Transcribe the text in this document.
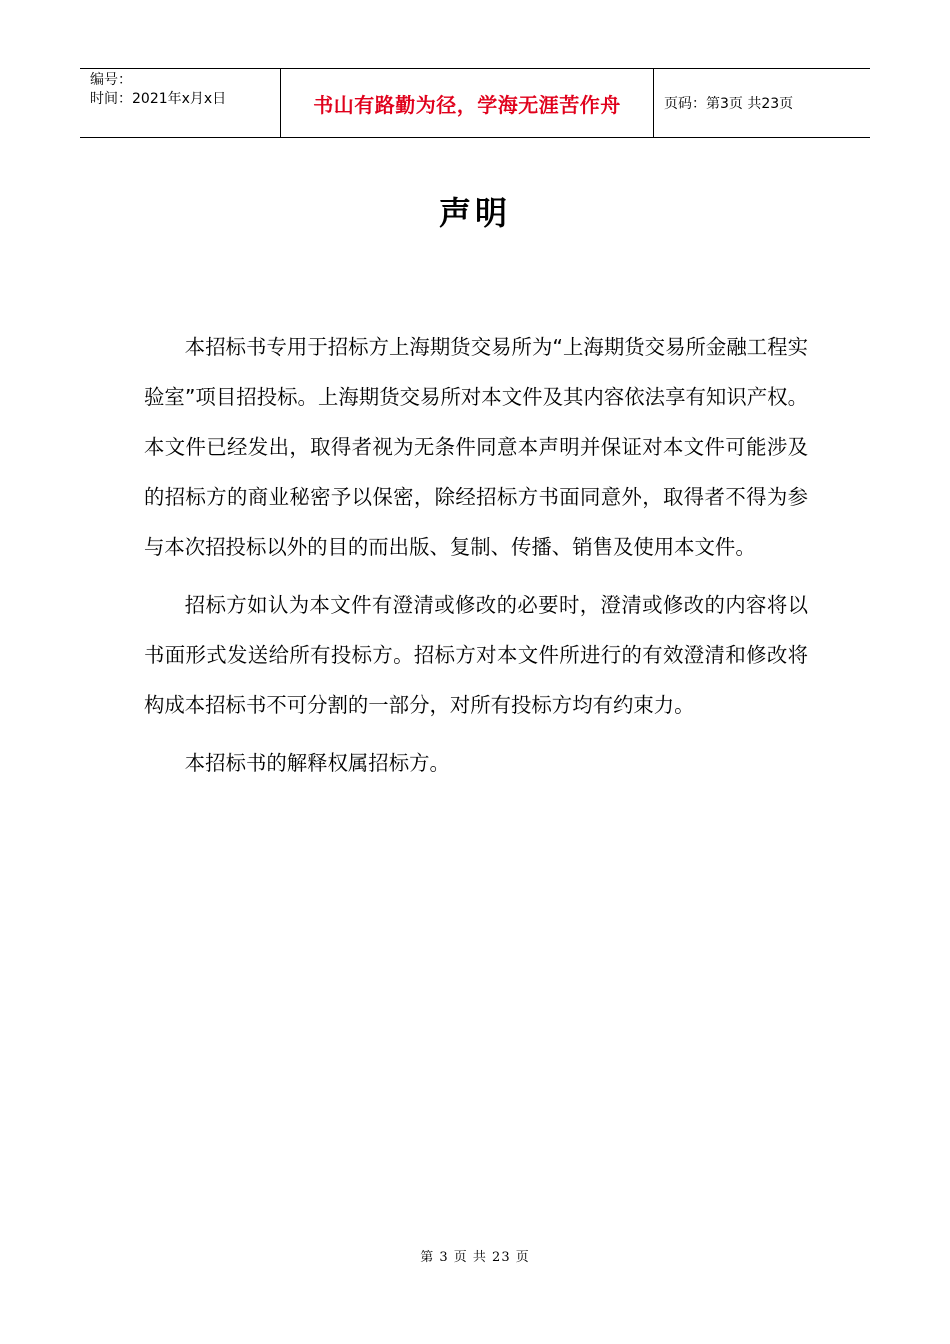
编号：
时间：2021年x月x日	书山有路勤为径，学海无涯苦作舟	页码：第3页 共23页
声明

本招标书专用于招标方上海期货交易所为“上海期货交易所金融工程实验室”项目招投标。上海期货交易所对本文件及其内容依法享有知识产权。本文件已经发出，取得者视为无条件同意本声明并保证对本文件可能涉及的招标方的商业秘密予以保密，除经招标方书面同意外，取得者不得为参与本次招投标以外的目的而出版、复制、传播、销售及使用本文件。

招标方如认为本文件有澄清或修改的必要时，澄清或修改的内容将以书面形式发送给所有投标方。招标方对本文件所进行的有效澄清和修改将构成本招标书不可分割的一部分，对所有投标方均有约束力。

本招标书的解释权属招标方。

第 3 页 共 23 页
